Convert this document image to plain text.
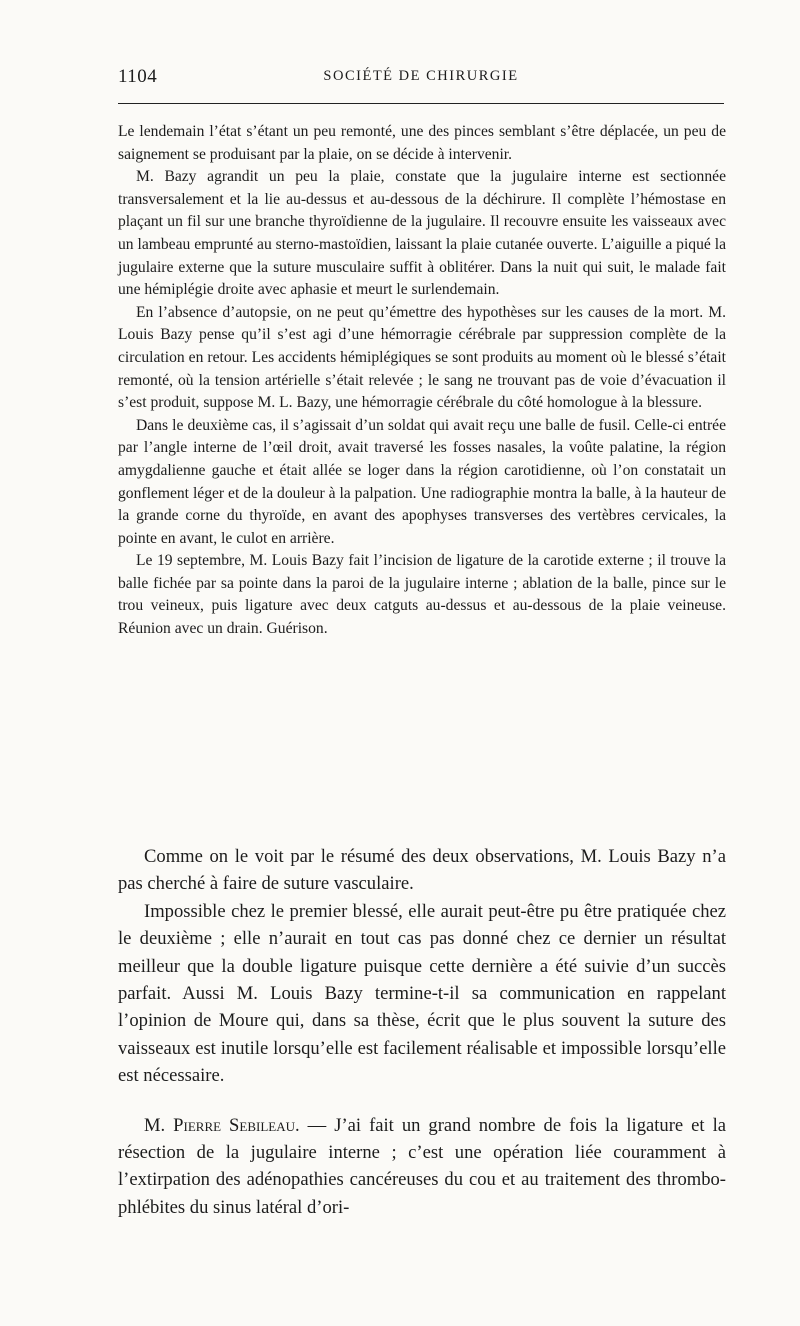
1104	SOCIÉTÉ DE CHIRURGIE

Le lendemain l’état s’étant un peu remonté, une des pinces semblant s’être déplacée, un peu de saignement se produisant par la plaie, on se décide à intervenir.

M. Bazy agrandit un peu la plaie, constate que la jugulaire interne est sectionnée transversalement et la lie au-dessus et au-dessous de la déchirure. Il complète l’hémostase en plaçant un fil sur une branche thyroïdienne de la jugulaire. Il recouvre ensuite les vaisseaux avec un lambeau emprunté au sterno-mastoïdien, laissant la plaie cutanée ouverte. L’aiguille a piqué la jugulaire externe que la suture musculaire suffit à oblitérer. Dans la nuit qui suit, le malade fait une hémiplégie droite avec aphasie et meurt le surlendemain.

En l’absence d’autopsie, on ne peut qu’émettre des hypothèses sur les causes de la mort. M. Louis Bazy pense qu’il s’est agi d’une hémorragie cérébrale par suppression complète de la circulation en retour. Les accidents hémiplégiques se sont produits au moment où le blessé s’était remonté, où la tension artérielle s’était relevée ; le sang ne trouvant pas de voie d’évacuation il s’est produit, suppose M. L. Bazy, une hémorragie cérébrale du côté homologue à la blessure.

Dans le deuxième cas, il s’agissait d’un soldat qui avait reçu une balle de fusil. Celle-ci entrée par l’angle interne de l’œil droit, avait traversé les fosses nasales, la voûte palatine, la région amygdalienne gauche et était allée se loger dans la région carotidienne, où l’on constatait un gonflement léger et de la douleur à la palpation. Une radiographie montra la balle, à la hauteur de la grande corne du thyroïde, en avant des apophyses transverses des vertèbres cervicales, la pointe en avant, le culot en arrière.

Le 19 septembre, M. Louis Bazy fait l’incision de ligature de la carotide externe ; il trouve la balle fichée par sa pointe dans la paroi de la jugulaire interne ; ablation de la balle, pince sur le trou veineux, puis ligature avec deux catguts au-dessus et au-dessous de la plaie veineuse. Réunion avec un drain. Guérison.

Comme on le voit par le résumé des deux observations, M. Louis Bazy n’a pas cherché à faire de suture vasculaire.

Impossible chez le premier blessé, elle aurait peut-être pu être pratiquée chez le deuxième ; elle n’aurait en tout cas pas donné chez ce dernier un résultat meilleur que la double ligature puisque cette dernière a été suivie d’un succès parfait. Aussi M. Louis Bazy termine-t-il sa communication en rappelant l’opinion de Moure qui, dans sa thèse, écrit que le plus souvent la suture des vaisseaux est inutile lorsqu’elle est facilement réalisable et impossible lorsqu’elle est nécessaire.

M. Pierre Sebileau. — J’ai fait un grand nombre de fois la ligature et la résection de la jugulaire interne ; c’est une opération liée couramment à l’extirpation des adénopathies cancéreuses du cou et au traitement des thrombo-phlébites du sinus latéral d’ori-
